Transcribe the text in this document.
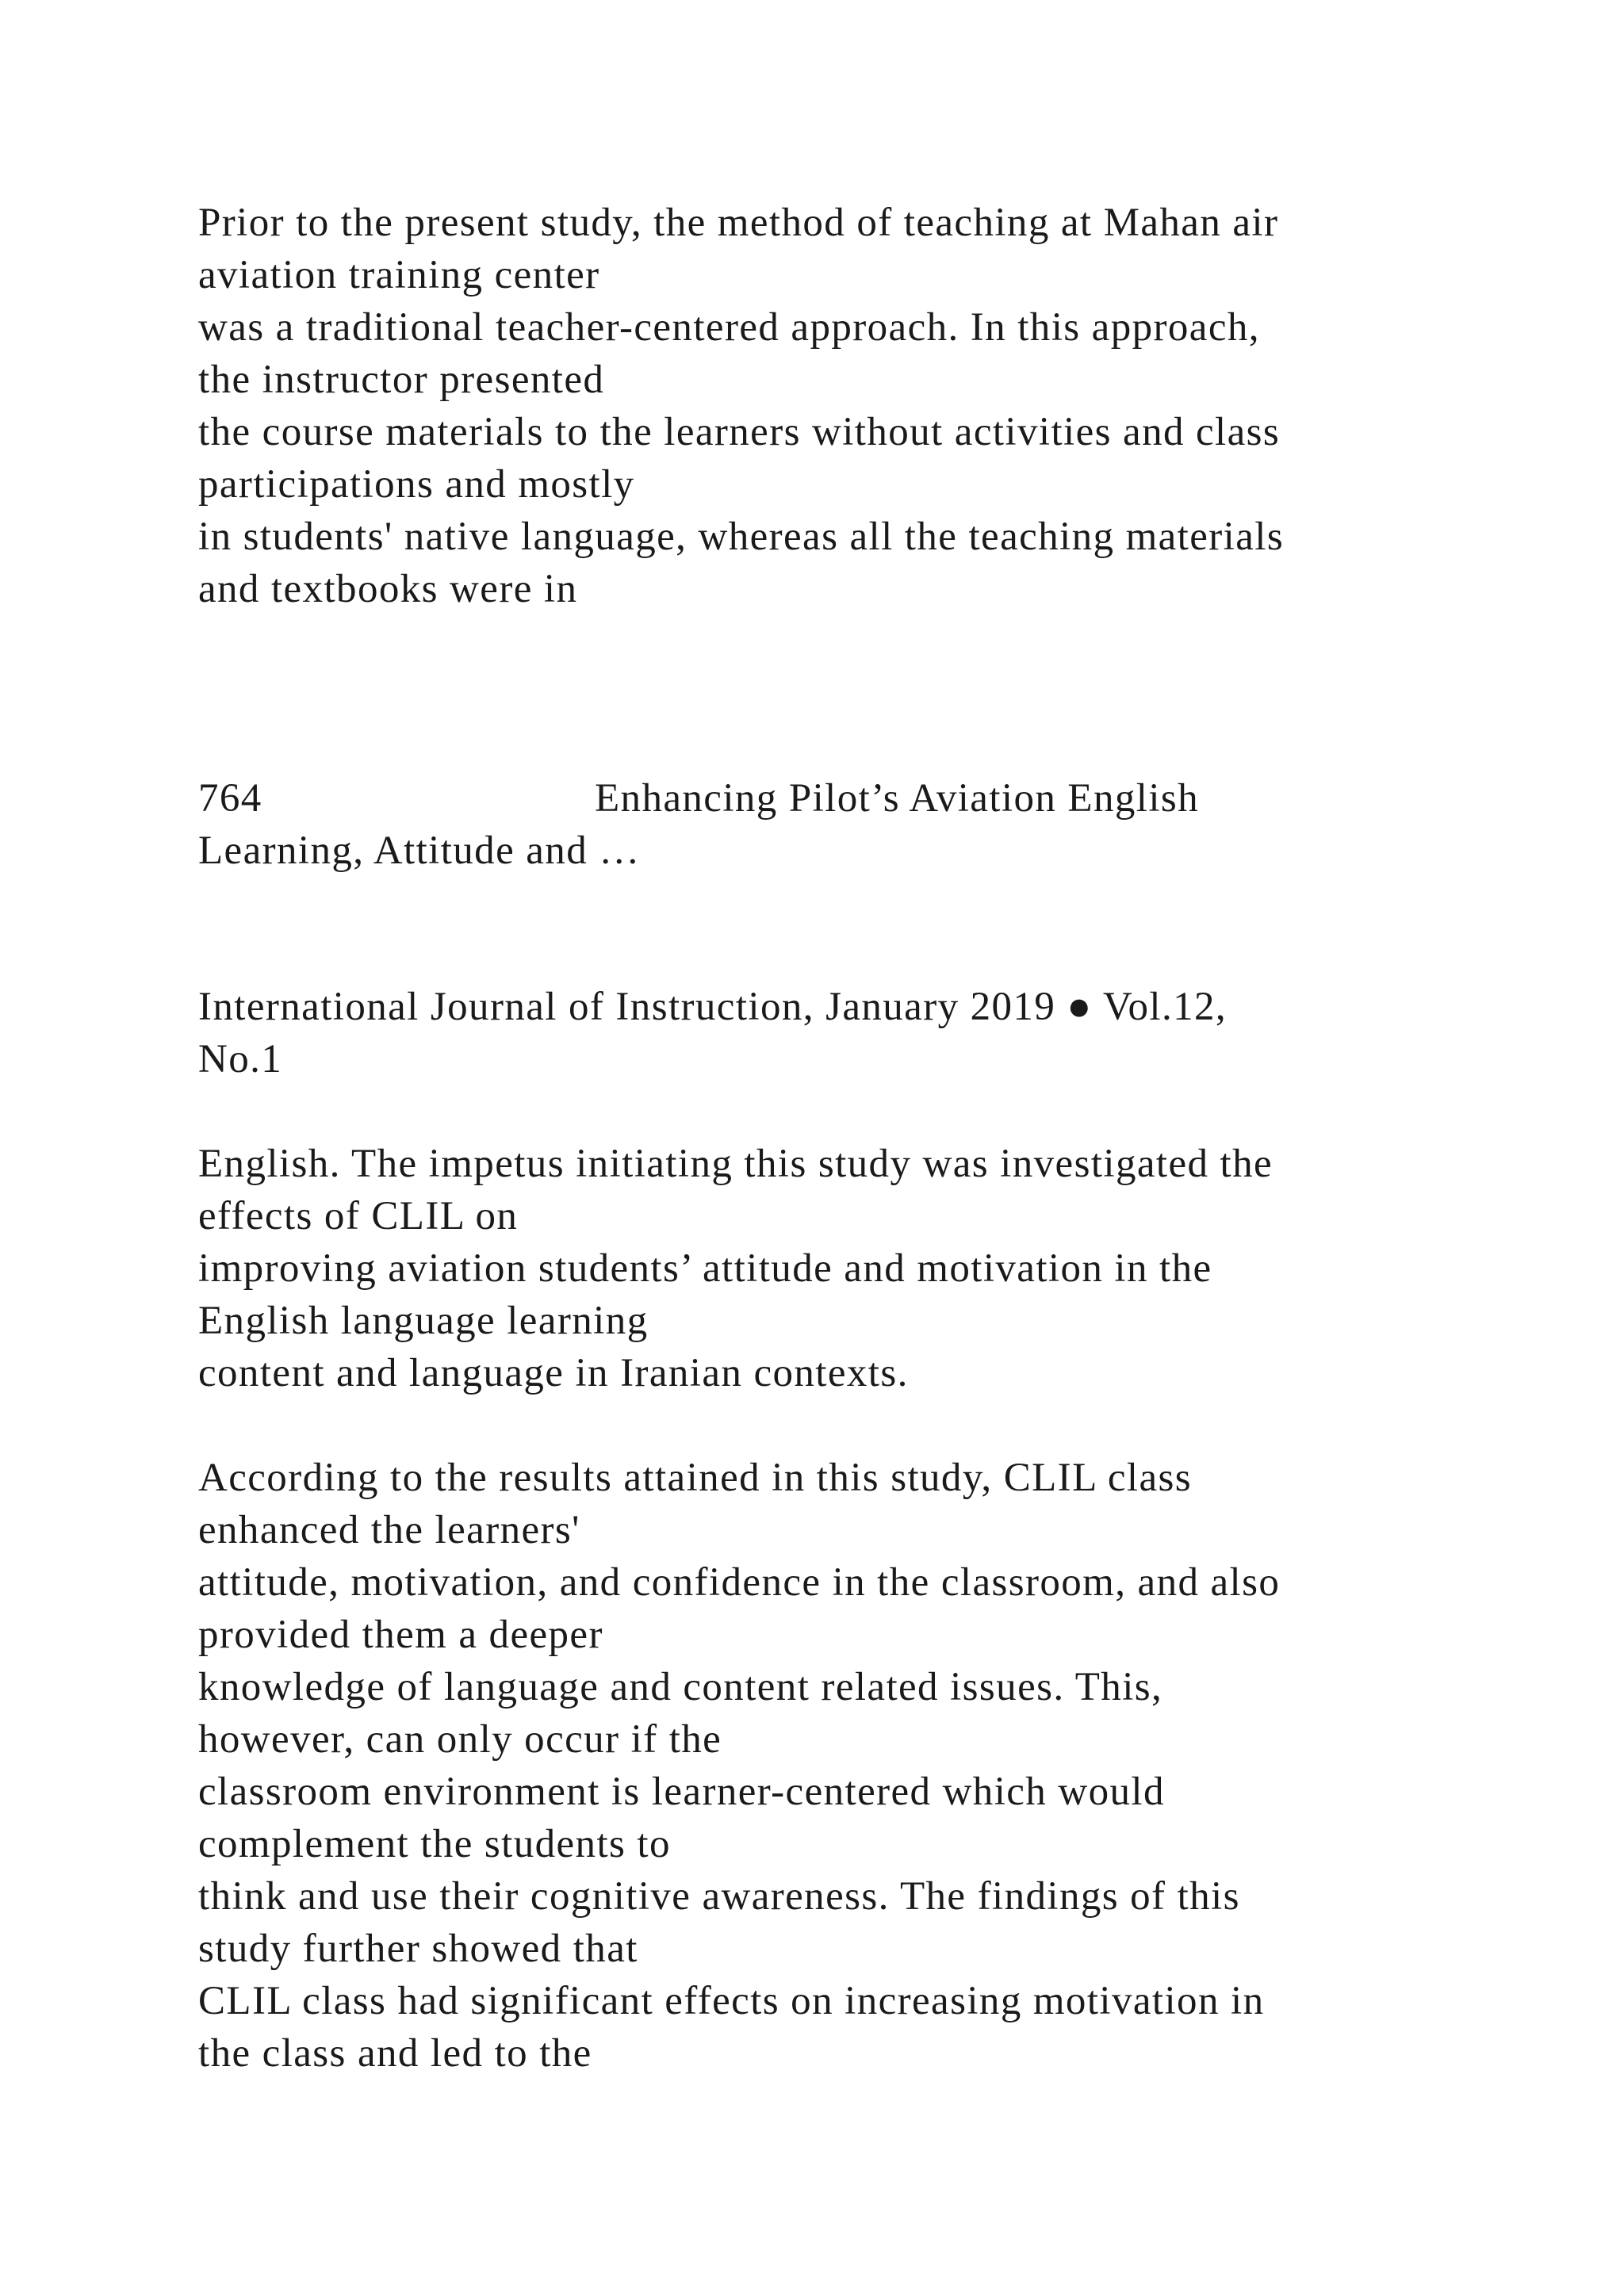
Prior to the present study, the method of teaching at Mahan air
aviation training center
was a traditional teacher-centered approach. In this approach,
the instructor presented
the course materials to the learners without activities and class
participations and mostly
in students' native language, whereas all the teaching materials
and textbooks were in
764	Enhancing Pilot’s Aviation English
Learning, Attitude and …
International Journal of Instruction, January 2019 ● Vol.12,
No.1
English. The impetus initiating this study was investigated the
effects of CLIL on
improving aviation students’ attitude and motivation in the
English language learning
content and language in Iranian contexts.
According to the results attained in this study, CLIL class
enhanced the learners'
attitude, motivation, and confidence in the classroom, and also
provided them a deeper
knowledge of language and content related issues. This,
however, can only occur if the
classroom environment is learner-centered which would
complement the students to
think and use their cognitive awareness. The findings of this
study further showed that
CLIL class had significant effects on increasing motivation in
the class and led to the
